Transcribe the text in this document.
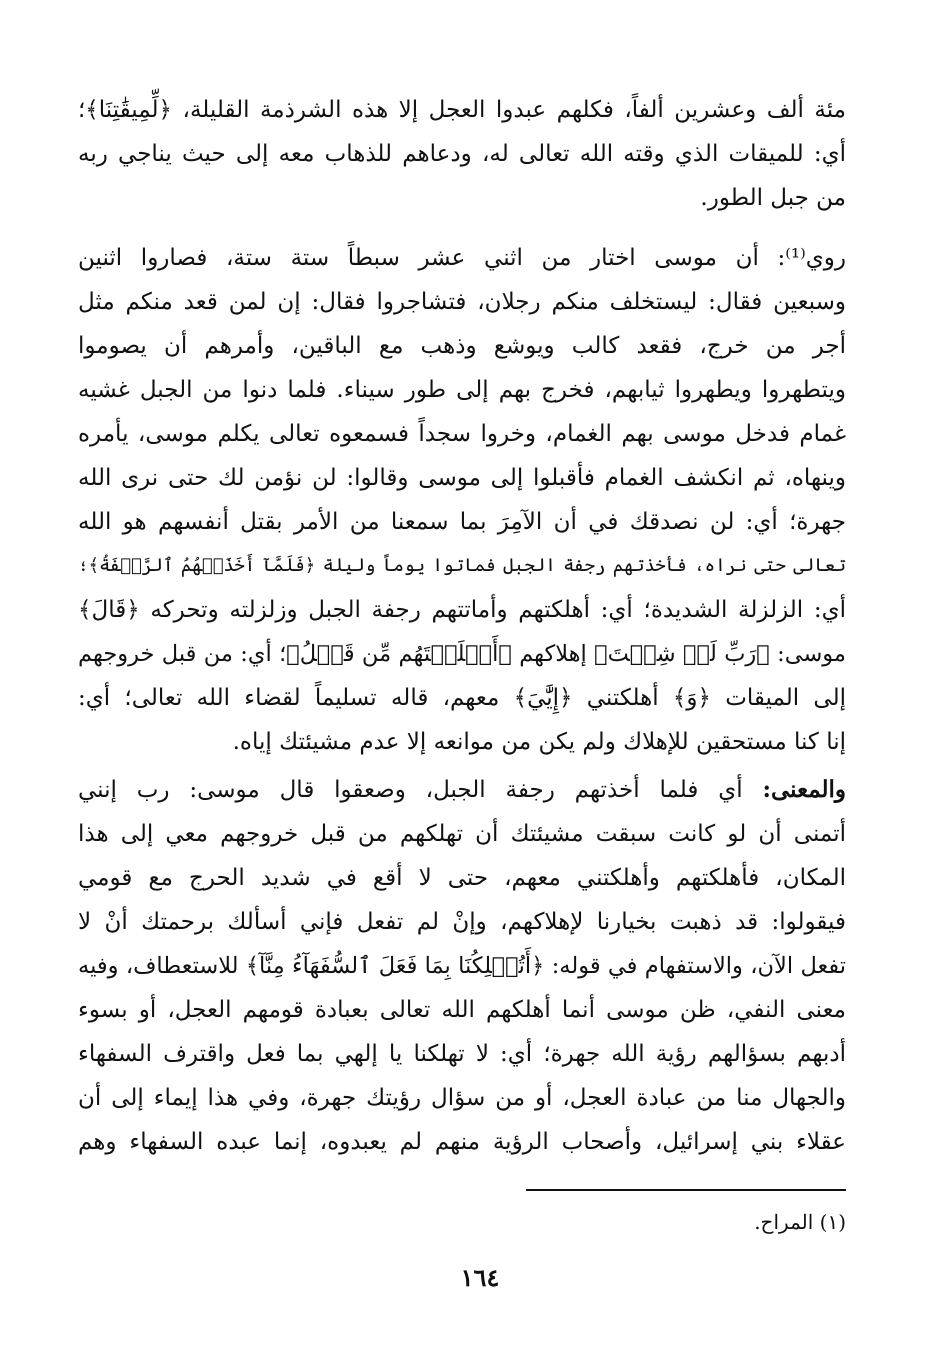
مئة ألف وعشرين ألفاً، فكلهم عبدوا العجل إلا هذه الشرذمة القليلة، ﴿لِّمِيقَٰتِنَا﴾؛
أي: للميقات الذي وقته الله تعالى له، ودعاهم للذهاب معه إلى حيث يناجي ربه
من جبل الطور.
روي⁽¹⁾: أن موسى اختار من اثني عشر سبطاً ستة ستة، فصاروا اثنين
وسبعين فقال: ليستخلف منكم رجلان، فتشاجروا فقال: إن لمن قعد منكم مثل
أجر من خرج، فقعد كالب ويوشع وذهب مع الباقين، وأمرهم أن يصوموا
ويتطهروا ويطهروا ثيابهم، فخرج بهم إلى طور سيناء. فلما دنوا من الجبل غشيه
غمام فدخل موسى بهم الغمام، وخروا سجداً فسمعوه تعالى يكلم موسى، يأمره
وينهاه، ثم انكشف الغمام فأقبلوا إلى موسى وقالوا: لن نؤمن لك حتى نرى الله
جهرة؛ أي: لن نصدقك في أن الآمِرَ بما سمعنا من الأمر بقتل أنفسهم هو الله
تعالى حتى نراه، فأخذتهم رجفة الجبل فماتوا يوماً وليلة ﴿فَلَمَّآ أَخَذَتۡهُمُ ٱلرَّجۡفَةُ﴾؛
أي: الزلزلة الشديدة؛ أي: أهلكتهم وأماتتهم رجفة الجبل وزلزلته وتحركه ﴿قَالَ﴾
موسى: ﴿رَبِّ لَوۡ شِئۡتَ﴾ إهلاكهم ﴿أَهۡلَكۡتَهُم مِّن قَبۡلُ﴾؛ أي: من قبل خروجهم
إلى الميقات ﴿وَ﴾ أهلكتني ﴿إِيَّٰيَ﴾ معهم، قاله تسليماً لقضاء الله تعالى؛ أي:
إنا كنا مستحقين للإهلاك ولم يكن من موانعه إلا عدم مشيئتك إياه.
والمعنى: أي فلما أخذتهم رجفة الجبل، وصعقوا قال موسى: رب إنني
أتمنى أن لو كانت سبقت مشيئتك أن تهلكهم من قبل خروجهم معي إلى هذا
المكان، فأهلكتهم وأهلكتني معهم، حتى لا أقع في شديد الحرج مع قومي
فيقولوا: قد ذهبت بخيارنا لإهلاكهم، وإنْ لم تفعل فإني أسألك برحمتك أنْ لا
تفعل الآن، والاستفهام في قوله: ﴿أَتُهۡلِكُنَا بِمَا فَعَلَ ٱلسُّفَهَآءُ مِنَّآ﴾ للاستعطاف، وفيه
معنى النفي، ظن موسى أنما أهلكهم الله تعالى بعبادة قومهم العجل، أو بسوء
أدبهم بسؤالهم رؤية الله جهرة؛ أي: لا تهلكنا يا إلهي بما فعل واقترف السفهاء
والجهال منا من عبادة العجل، أو من سؤال رؤيتك جهرة، وفي هذا إيماء إلى أن
عقلاء بني إسرائيل، وأصحاب الرؤية منهم لم يعبدوه، إنما عبده السفهاء وهم
(١) المراح.
١٦٤
